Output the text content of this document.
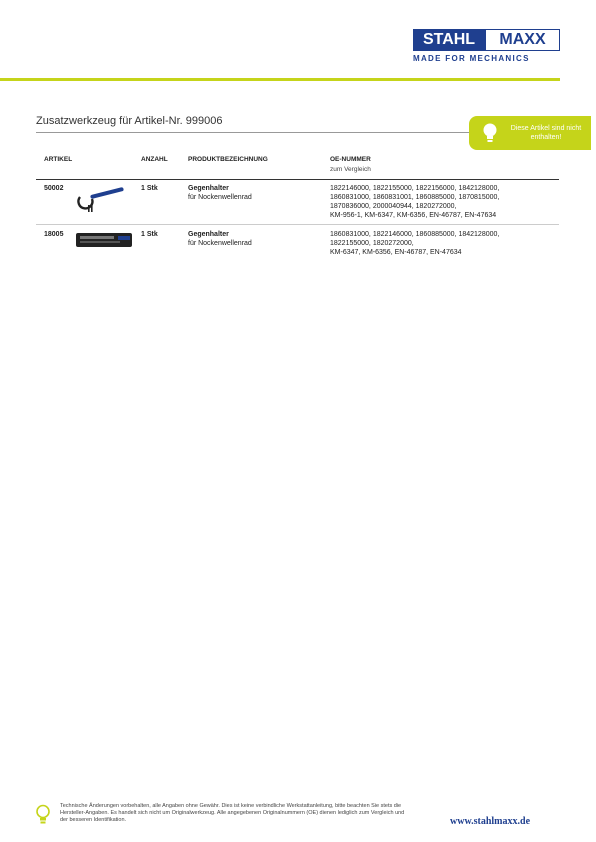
STAHL	MAXX
MADE FOR MECHANICS
Zusatzwerkzeug für Artikel-Nr. 999006
Diese Artikel sind nicht enthalten!
ARTIKEL	ANZAHL	PRODUKTBEZEICHNUNG	OE-NUMMER
zum Vergleich
50002	1 Stk	Gegenhalter
für Nockenwellenrad
1822146000, 1822155000, 1822156000, 1842128000,
1860831000, 1860831001, 1860885000, 1870815000,
1870836000, 2000040944, 1820272000,
KM-956-1, KM-6347, KM-6356, EN-46787, EN-47634
18005	1 Stk	Gegenhalter
für Nockenwellenrad
1860831000, 1822146000, 1860885000, 1842128000,
1822155000, 1820272000,
KM-6347, KM-6356, EN-46787, EN-47634
Technische Änderungen vorbehalten, alle Angaben ohne Gewähr. Dies ist keine verbindliche Werkstattanleitung, bitte beachten Sie stets die Hersteller-Angaben. Es handelt sich nicht um Originalwerkzeug. Alle angegebenen Originalnummern (OE) dienen lediglich zum Vergleich und der besseren Identifikation.	www.stahlmaxx.de
